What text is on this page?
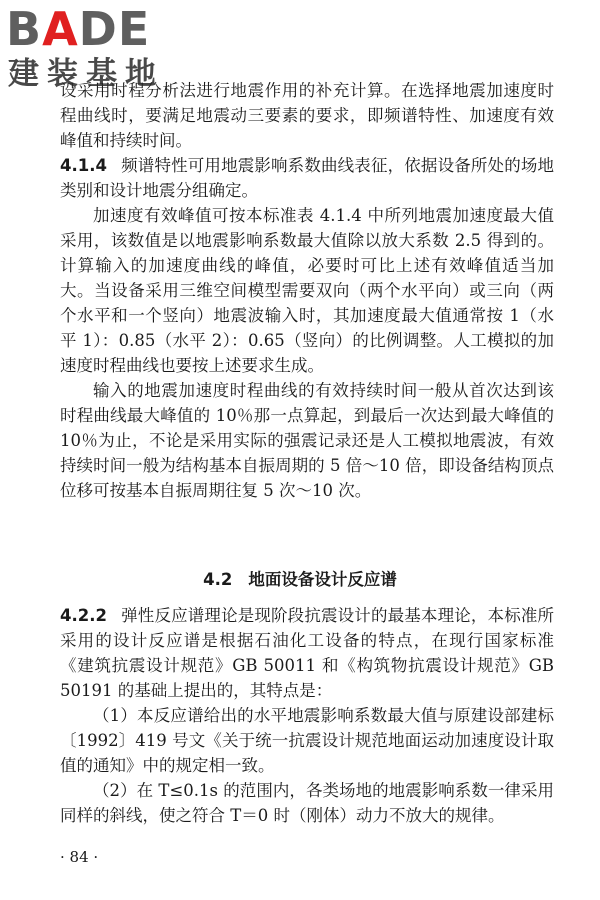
BADE
建装基地

设采用时程分析法进行地震作用的补充计算。在选择地震加速度时程曲线时，要满足地震动三要素的要求，即频谱特性、加速度有效峰值和持续时间。

4.1.4 频谱特性可用地震影响系数曲线表征，依据设备所处的场地类别和设计地震分组确定。

加速度有效峰值可按本标准表 4.1.4 中所列地震加速度最大值采用，该数值是以地震影响系数最大值除以放大系数 2.5 得到的。计算输入的加速度曲线的峰值，必要时可比上述有效峰值适当加大。当设备采用三维空间模型需要双向（两个水平向）或三向（两个水平和一个竖向）地震波输入时，其加速度最大值通常按 1（水平 1）：0.85（水平 2）：0.65（竖向）的比例调整。人工模拟的加速度时程曲线也要按上述要求生成。

输入的地震加速度时程曲线的有效持续时间一般从首次达到该时程曲线最大峰值的 10％那一点算起，到最后一次达到最大峰值的 10％为止，不论是采用实际的强震记录还是人工模拟地震波，有效持续时间一般为结构基本自振周期的 5 倍～10 倍，即设备结构顶点位移可按基本自振周期往复 5 次～10 次。

4.2 地面设备设计反应谱

4.2.2 弹性反应谱理论是现阶段抗震设计的最基本理论，本标准所采用的设计反应谱是根据石油化工设备的特点，在现行国家标准《建筑抗震设计规范》GB 50011 和《构筑物抗震设计规范》GB 50191 的基础上提出的，其特点是：

（1）本反应谱给出的水平地震影响系数最大值与原建设部建标〔1992〕419 号文《关于统一抗震设计规范地面运动加速度设计取值的通知》中的规定相一致。

（2）在 T≤0.1s 的范围内，各类场地的地震影响系数一律采用同样的斜线，使之符合 T＝0 时（刚体）动力不放大的规律。

· 84 ·
